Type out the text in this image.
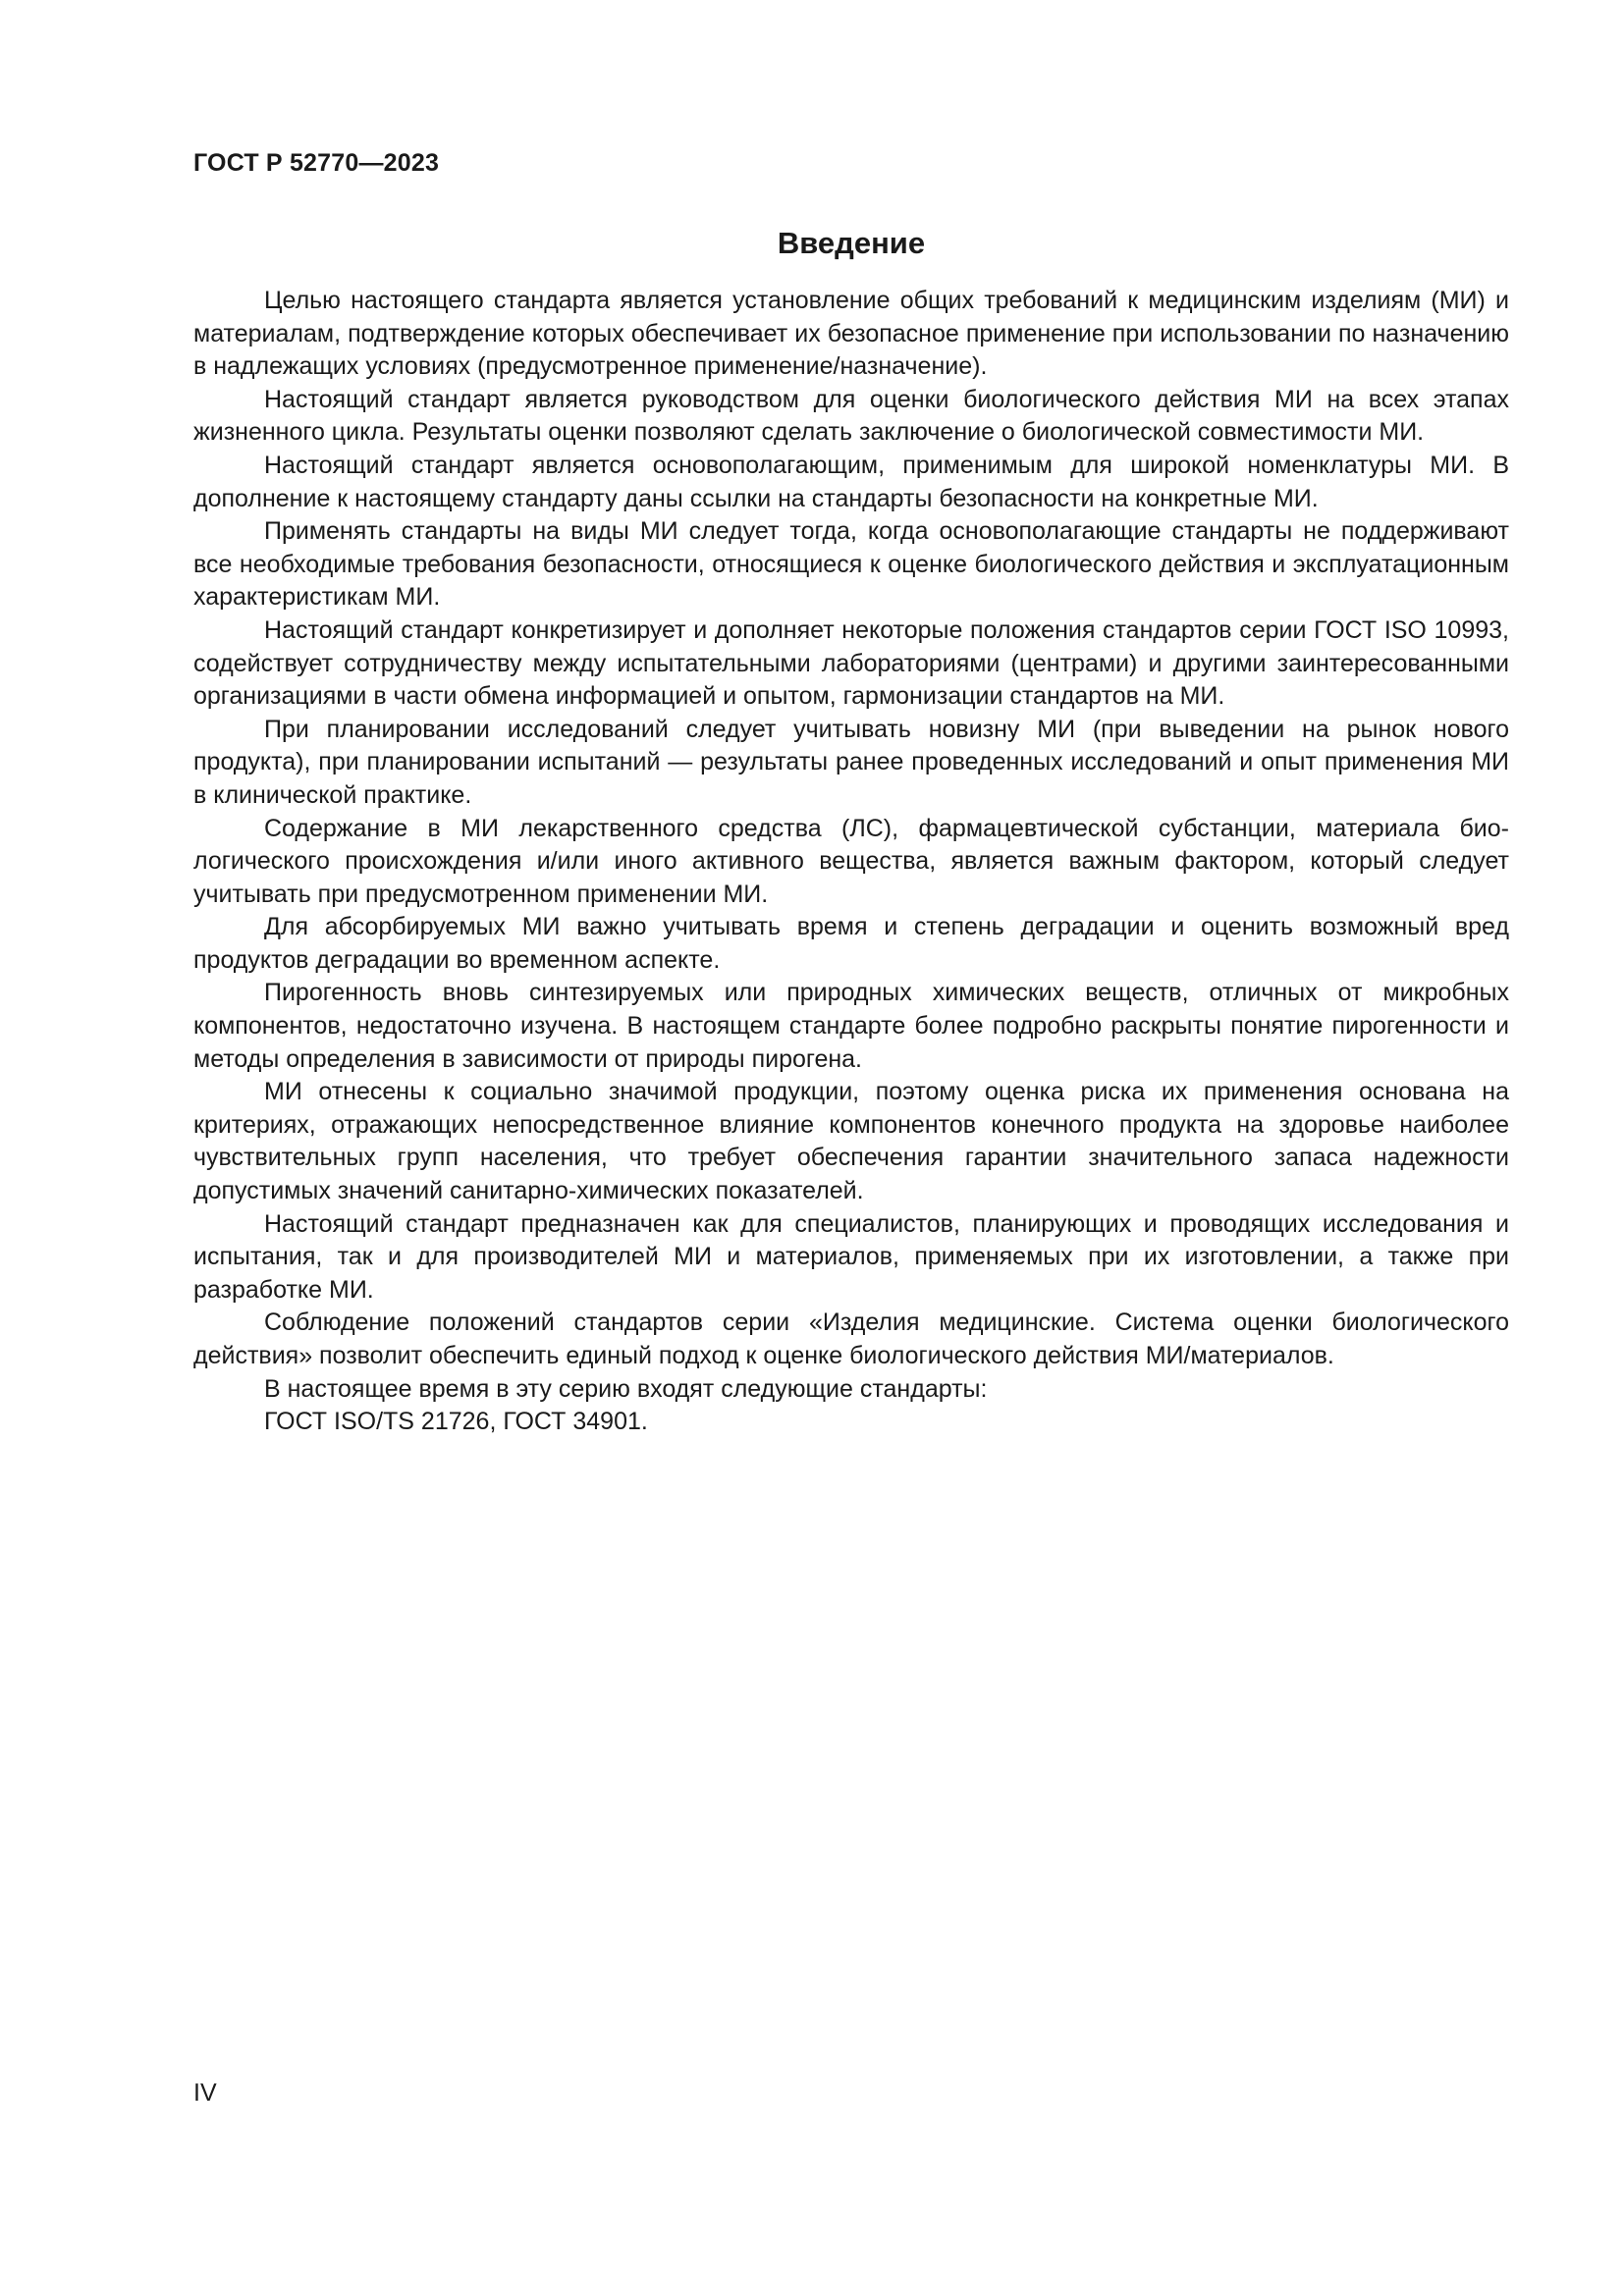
ГОСТ Р 52770—2023
Введение

Целью настоящего стандарта является установление общих требований к медицинским изделиям (МИ) и материалам, подтверждение которых обеспечивает их безопасное применение при использовании по назначению в надлежащих условиях (предусмотренное применение/назначение).

Настоящий стандарт является руководством для оценки биологического действия МИ на всех этапах жизненного цикла. Результаты оценки позволяют сделать заключение о биологической совместимости МИ.

Настоящий стандарт является основополагающим, применимым для широкой номенклатуры МИ. В дополнение к настоящему стандарту даны ссылки на стандарты безопасности на конкретные МИ.

Применять стандарты на виды МИ следует тогда, когда основополагающие стандарты не поддерживают все необходимые требования безопасности, относящиеся к оценке биологического действия и эксплуатационным характеристикам МИ.

Настоящий стандарт конкретизирует и дополняет некоторые положения стандартов серии ГОСТ ISO 10993, содействует сотрудничеству между испытательными лабораториями (центрами) и другими заинтересованными организациями в части обмена информацией и опытом, гармонизации стандартов на МИ.

При планировании исследований следует учитывать новизну МИ (при выведении на рынок нового продукта), при планировании испытаний — результаты ранее проведенных исследований и опыт применения МИ в клинической практике.

Содержание в МИ лекарственного средства (ЛС), фармацевтической субстанции, материала биологического происхождения и/или иного активного вещества, является важным фактором, который следует учитывать при предусмотренном применении МИ.

Для абсорбируемых МИ важно учитывать время и степень деградации и оценить возможный вред продуктов деградации во временном аспекте.

Пирогенность вновь синтезируемых или природных химических веществ, отличных от микробных компонентов, недостаточно изучена. В настоящем стандарте более подробно раскрыты понятие пирогенности и методы определения в зависимости от природы пирогена.

МИ отнесены к социально значимой продукции, поэтому оценка риска их применения основана на критериях, отражающих непосредственное влияние компонентов конечного продукта на здоровье наиболее чувствительных групп населения, что требует обеспечения гарантии значительного запаса надежности допустимых значений санитарно-химических показателей.

Настоящий стандарт предназначен как для специалистов, планирующих и проводящих исследования и испытания, так и для производителей МИ и материалов, применяемых при их изготовлении, а также при разработке МИ.

Соблюдение положений стандартов серии «Изделия медицинские. Система оценки биологического действия» позволит обеспечить единый подход к оценке биологического действия МИ/материалов.

В настоящее время в эту серию входят следующие стандарты:

ГОСТ ISO/TS 21726, ГОСТ 34901.

IV
